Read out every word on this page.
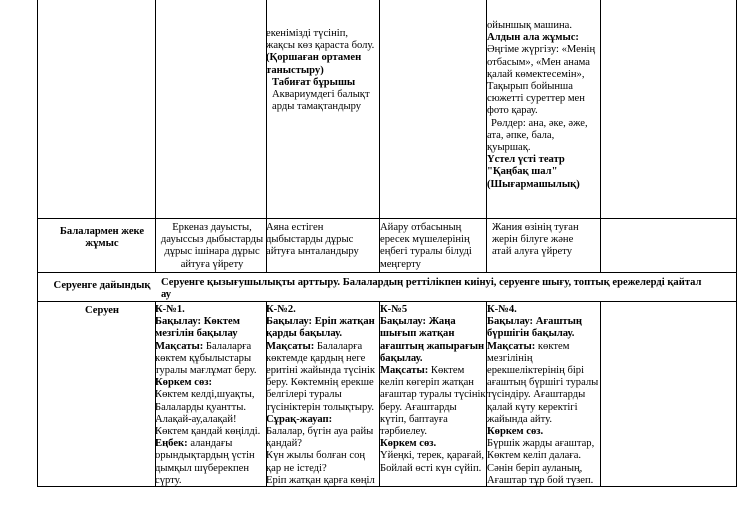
екенімізді түсініп,
жақсы көз қараста болу.
(Қоршаған ортамен
таныстыру)
Табиғат бұрышы
Аквариумдегі балықт
арды тамақтандыру
ойыншық машина.
Алдын ала жұмыс:
Әңгіме жүргізу: «Менің
отбасым», «Мен анама
қалай көмектесемін»,
Тақырып бойынша
сюжетті суреттер мен
фото қарау.
Рөлдер: ана, әке, әже,
ата, әпке, бала,
қуыршақ.
Үстел үсті театр
"Қаңбақ шал"
(Шығармашылық)
Балалармен жеке
жұмыс
Еркеназ дауысты,
дауыссыз дыбыстарды
дұрыс ішінара дұрыс
айтуға үйрету
Аяна естіген
дыбыстарды дұрыс
айтуға ынталандыру
Айару отбасының
ересек мүшелерінің
еңбегі туралы білуді
меңгерту
Жания өзінің туған
жерін білуге және
атай алуға үйрету
Серуенге дайындық Серуенге қызығушылықты арттыру. Балалардың реттілікпен киінуі, серуенге шығу, топтық ережелерді қайтал
ау
Серуен	К-№1.
Бақылау: Көктем
мезгілін бақылау
Мақсаты: Балаларға
көктем құбылыстары
туралы мағлұмат беру.
Көркем сөз:
Көктем келді,шуақты,
Балаларды қуантты.
Алақай-ау,алақай!
Көктем қандай көңілді.
Еңбек: аландағы
орындықтардың үстін
дымқыл шүберекпен
сүрту.
К-№2.
Бақылау: Еріп жатқан
қарды бақылау.
Мақсаты: Балаларға
көктемде қардың неге
еритіні жайында түсінік
беру. Көктемнің ерекше
белгілері туралы
түсініктерін толықтыру.
Сұрақ-жауап:
Балалар, бүгін ауа райы
қандай?
Күн жылы болған соң
қар не істеді?
Еріп жатқан қарға көңіл
К-№5
Бақылау: Жаңа
шығып жатқан
ағаштың жапырағын
бақылау.
Мақсаты: Көктем
келіп көгеріп жатқан
ағаштар туралы түсінік
беру. Ағаштарды
күтіп, баптауға
тәрбиелеу.
Көркем сөз.
Үйеңкі, терек, қарағай,
Бойлай өсті күн сүйіп.
К-№4.
Бақылау: Ағаштың
бүршігін бақылау.
Мақсаты: көктем
мезгілінің
ерекшеліктерінің бірі
ағаштың бүршігі туралы
түсіндіру. Ағаштарды
қалай күту керектігі
жайында айту.
Көркем сөз.
Бүршік жарды ағаштар,
Көктем келіп далаға.
Сәнін беріп ауланың,
Ағаштар тұр бой түзеп.
